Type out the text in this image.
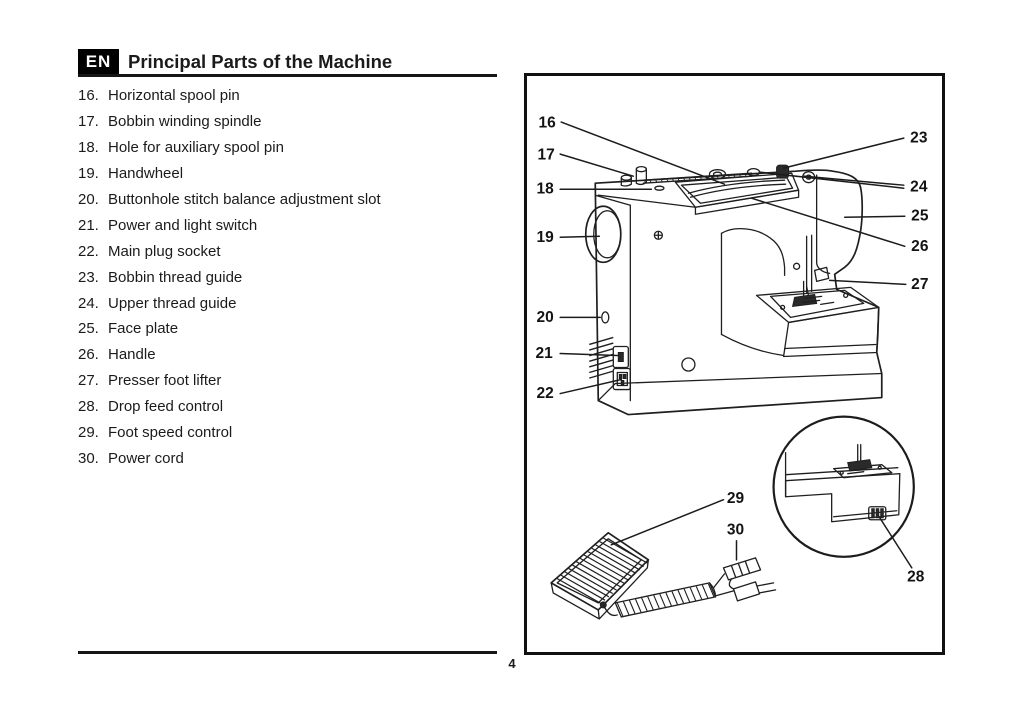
EN Principal Parts of the Machine
16. Horizontal spool pin
17. Bobbin winding spindle
18. Hole for auxiliary spool pin
19. Handwheel
20. Buttonhole stitch balance adjustment slot
21. Power and light switch
22. Main plug socket
23. Bobbin thread guide
24. Upper thread guide
25. Face plate
26. Handle
27. Presser foot lifter
28. Drop feed control
29. Foot speed control
30. Power cord
4
16
17
18
19
20
21
22
23
24
25
26
27
28
29
30
